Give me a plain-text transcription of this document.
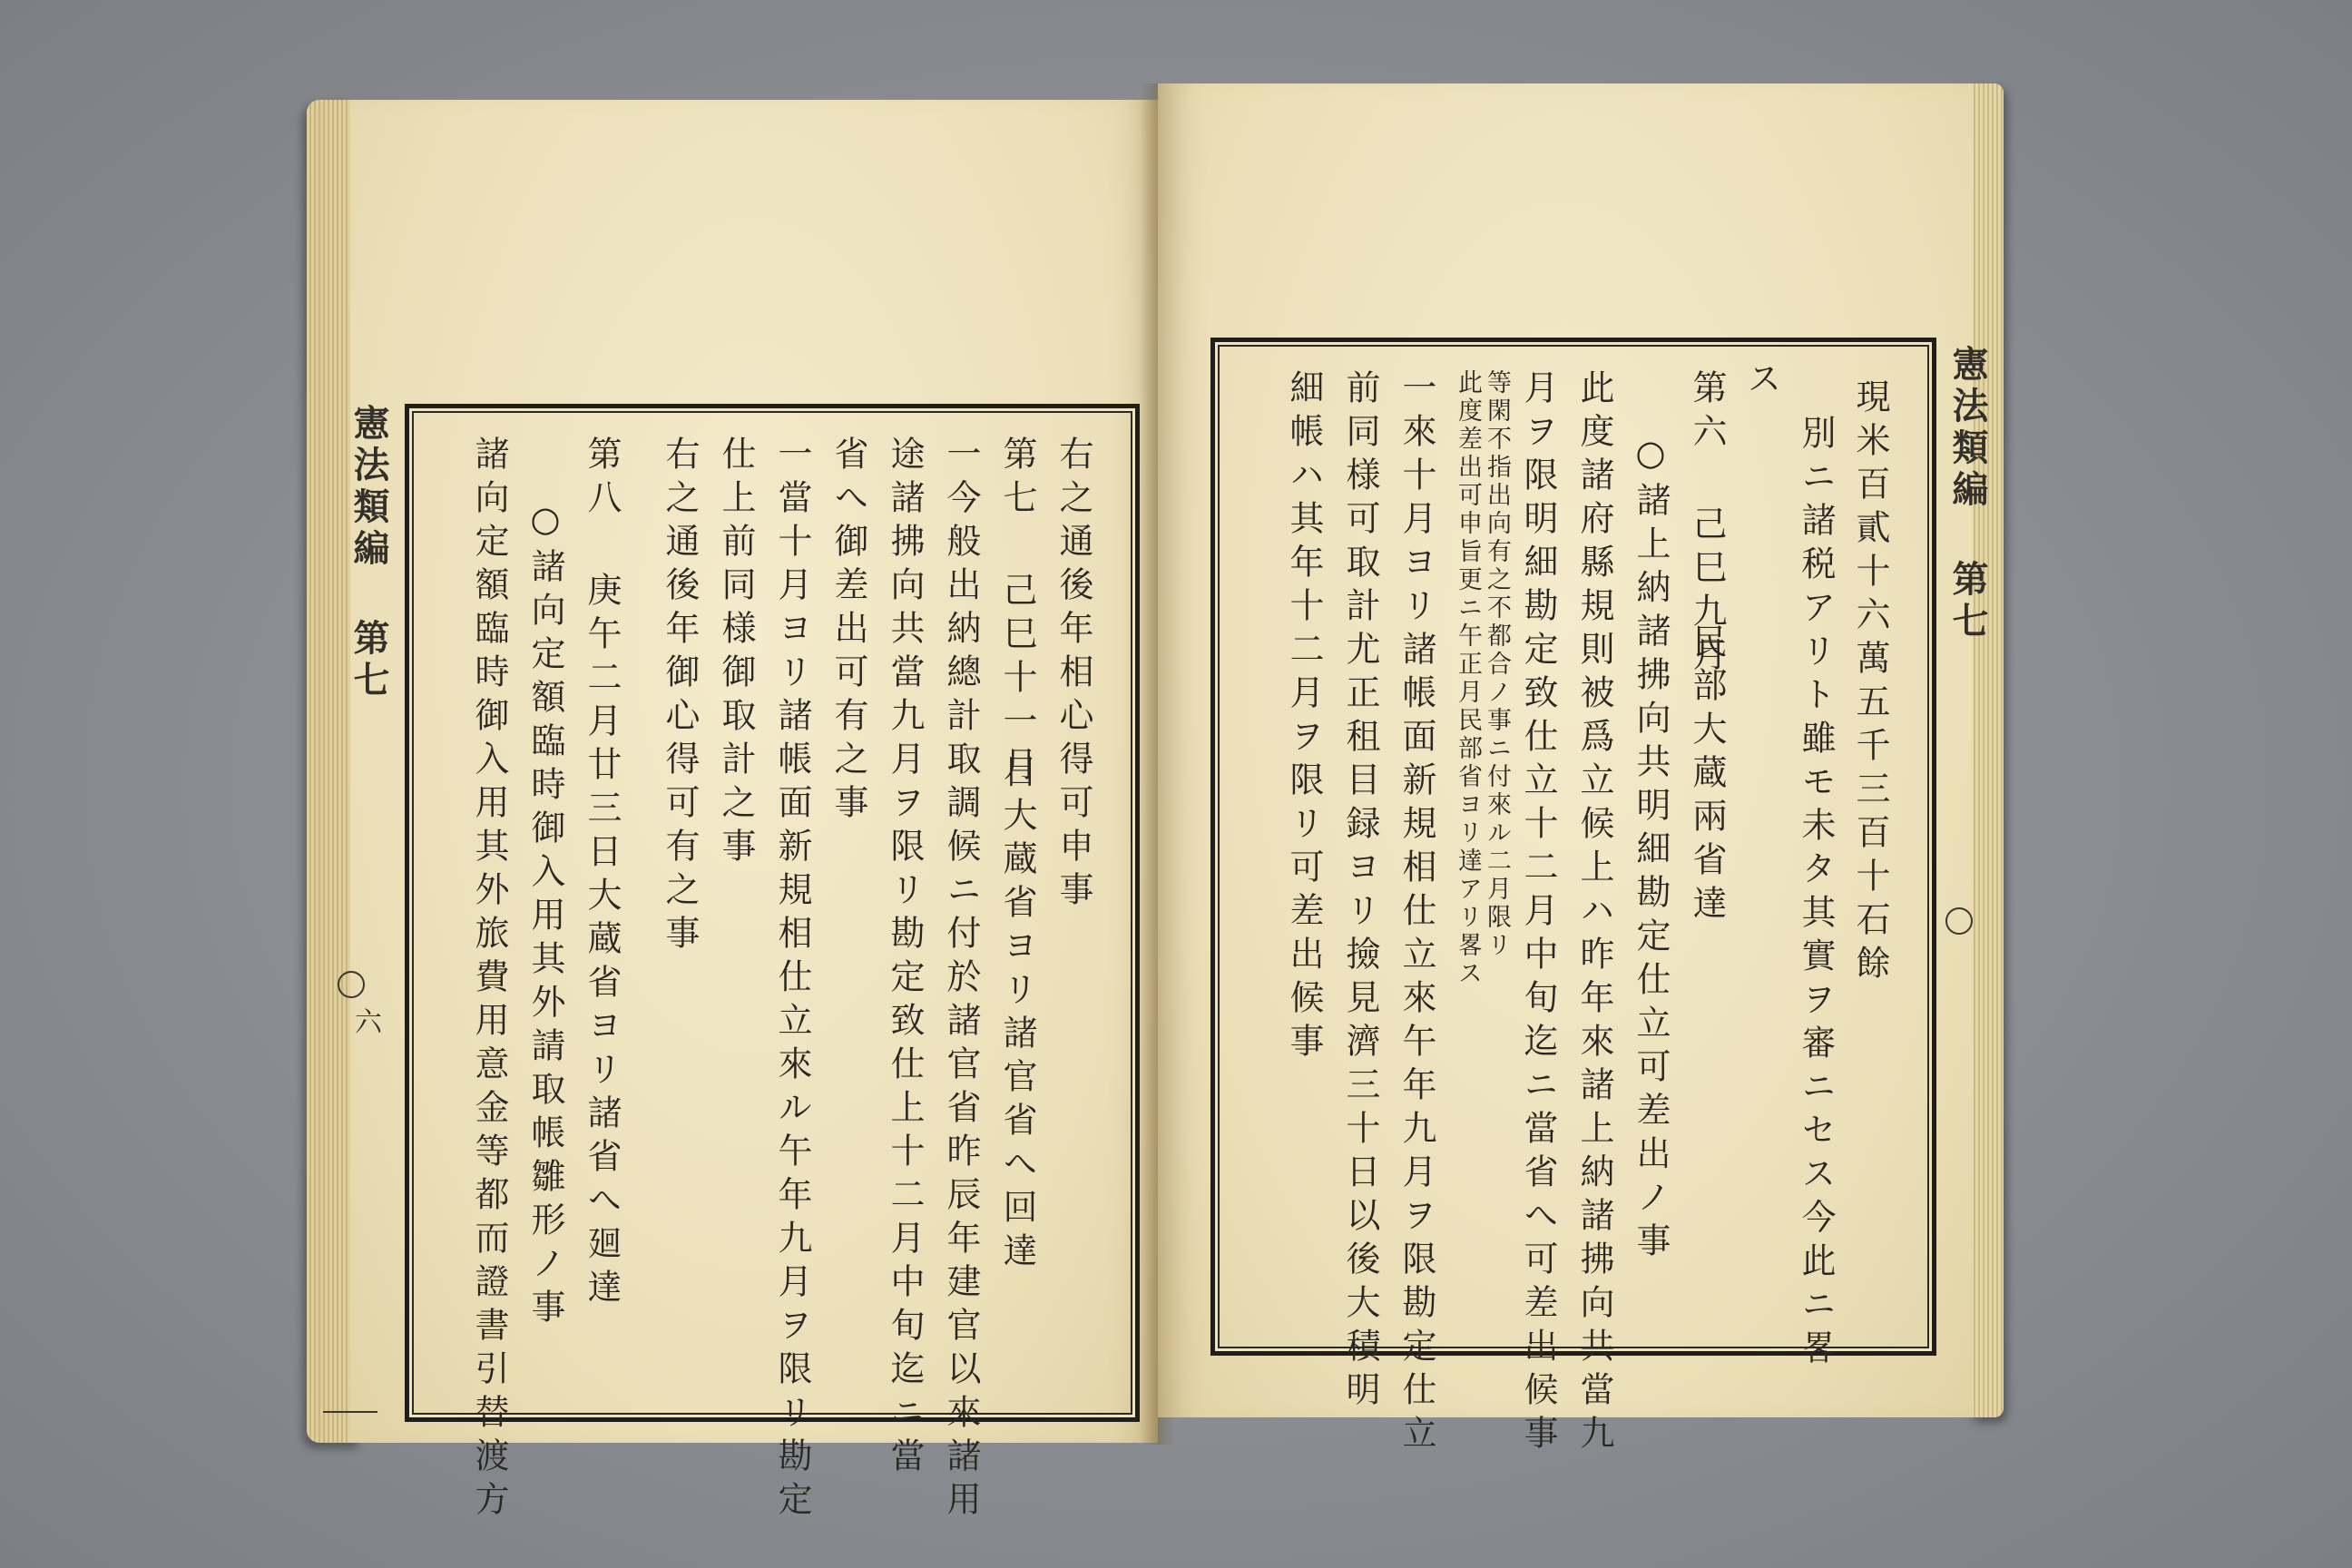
憲法類編 第七
六
右之通後年相心得可申事
第七 己巳十一月
日大蔵省ヨリ諸官省へ回達
一今般出納總計取調候ニ付於諸官省昨辰年建官以來諸用
途諸拂向共當九月ヲ限リ勘定致仕上十二月中旬迄ニ當
省へ御差出可有之事
一當十月ヨリ諸帳面新規相仕立來ル午年九月ヲ限リ勘定
仕上前同様御取計之事
右之通後年御心得可有之事
第八 庚午二月廿三日大蔵省ヨリ諸省へ廻達
○諸向定額臨時御入用其外請取帳雛形ノ事
諸向定額臨時御入用其外旅費用意金等都而證書引替渡方	憲法類編 第七
現米百貳十六萬五千三百十石餘
別ニ諸税アリト雖モ未タ其實ヲ審ニセス今此ニ畧
ス
第六 己巳九月
民部大蔵兩省達
○諸上納諸拂向共明細勘定仕立可差出ノ事
此度諸府縣規則被爲立候上ハ昨年來諸上納諸拂向共當九
月ヲ限明細勘定致仕立十二月中旬迄ニ當省へ可差出候事
等閑不指出向有之不都合ノ事ニ付來ル二月限リ
此度差出可申旨更ニ午正月民部省ヨリ達アリ畧ス
一來十月ヨリ諸帳面新規相仕立來午年九月ヲ限勘定仕立
前同様可取計尤正租目録ヨリ撿見濟三十日以後大積明
細帳ハ其年十二月ヲ限リ可差出候事
